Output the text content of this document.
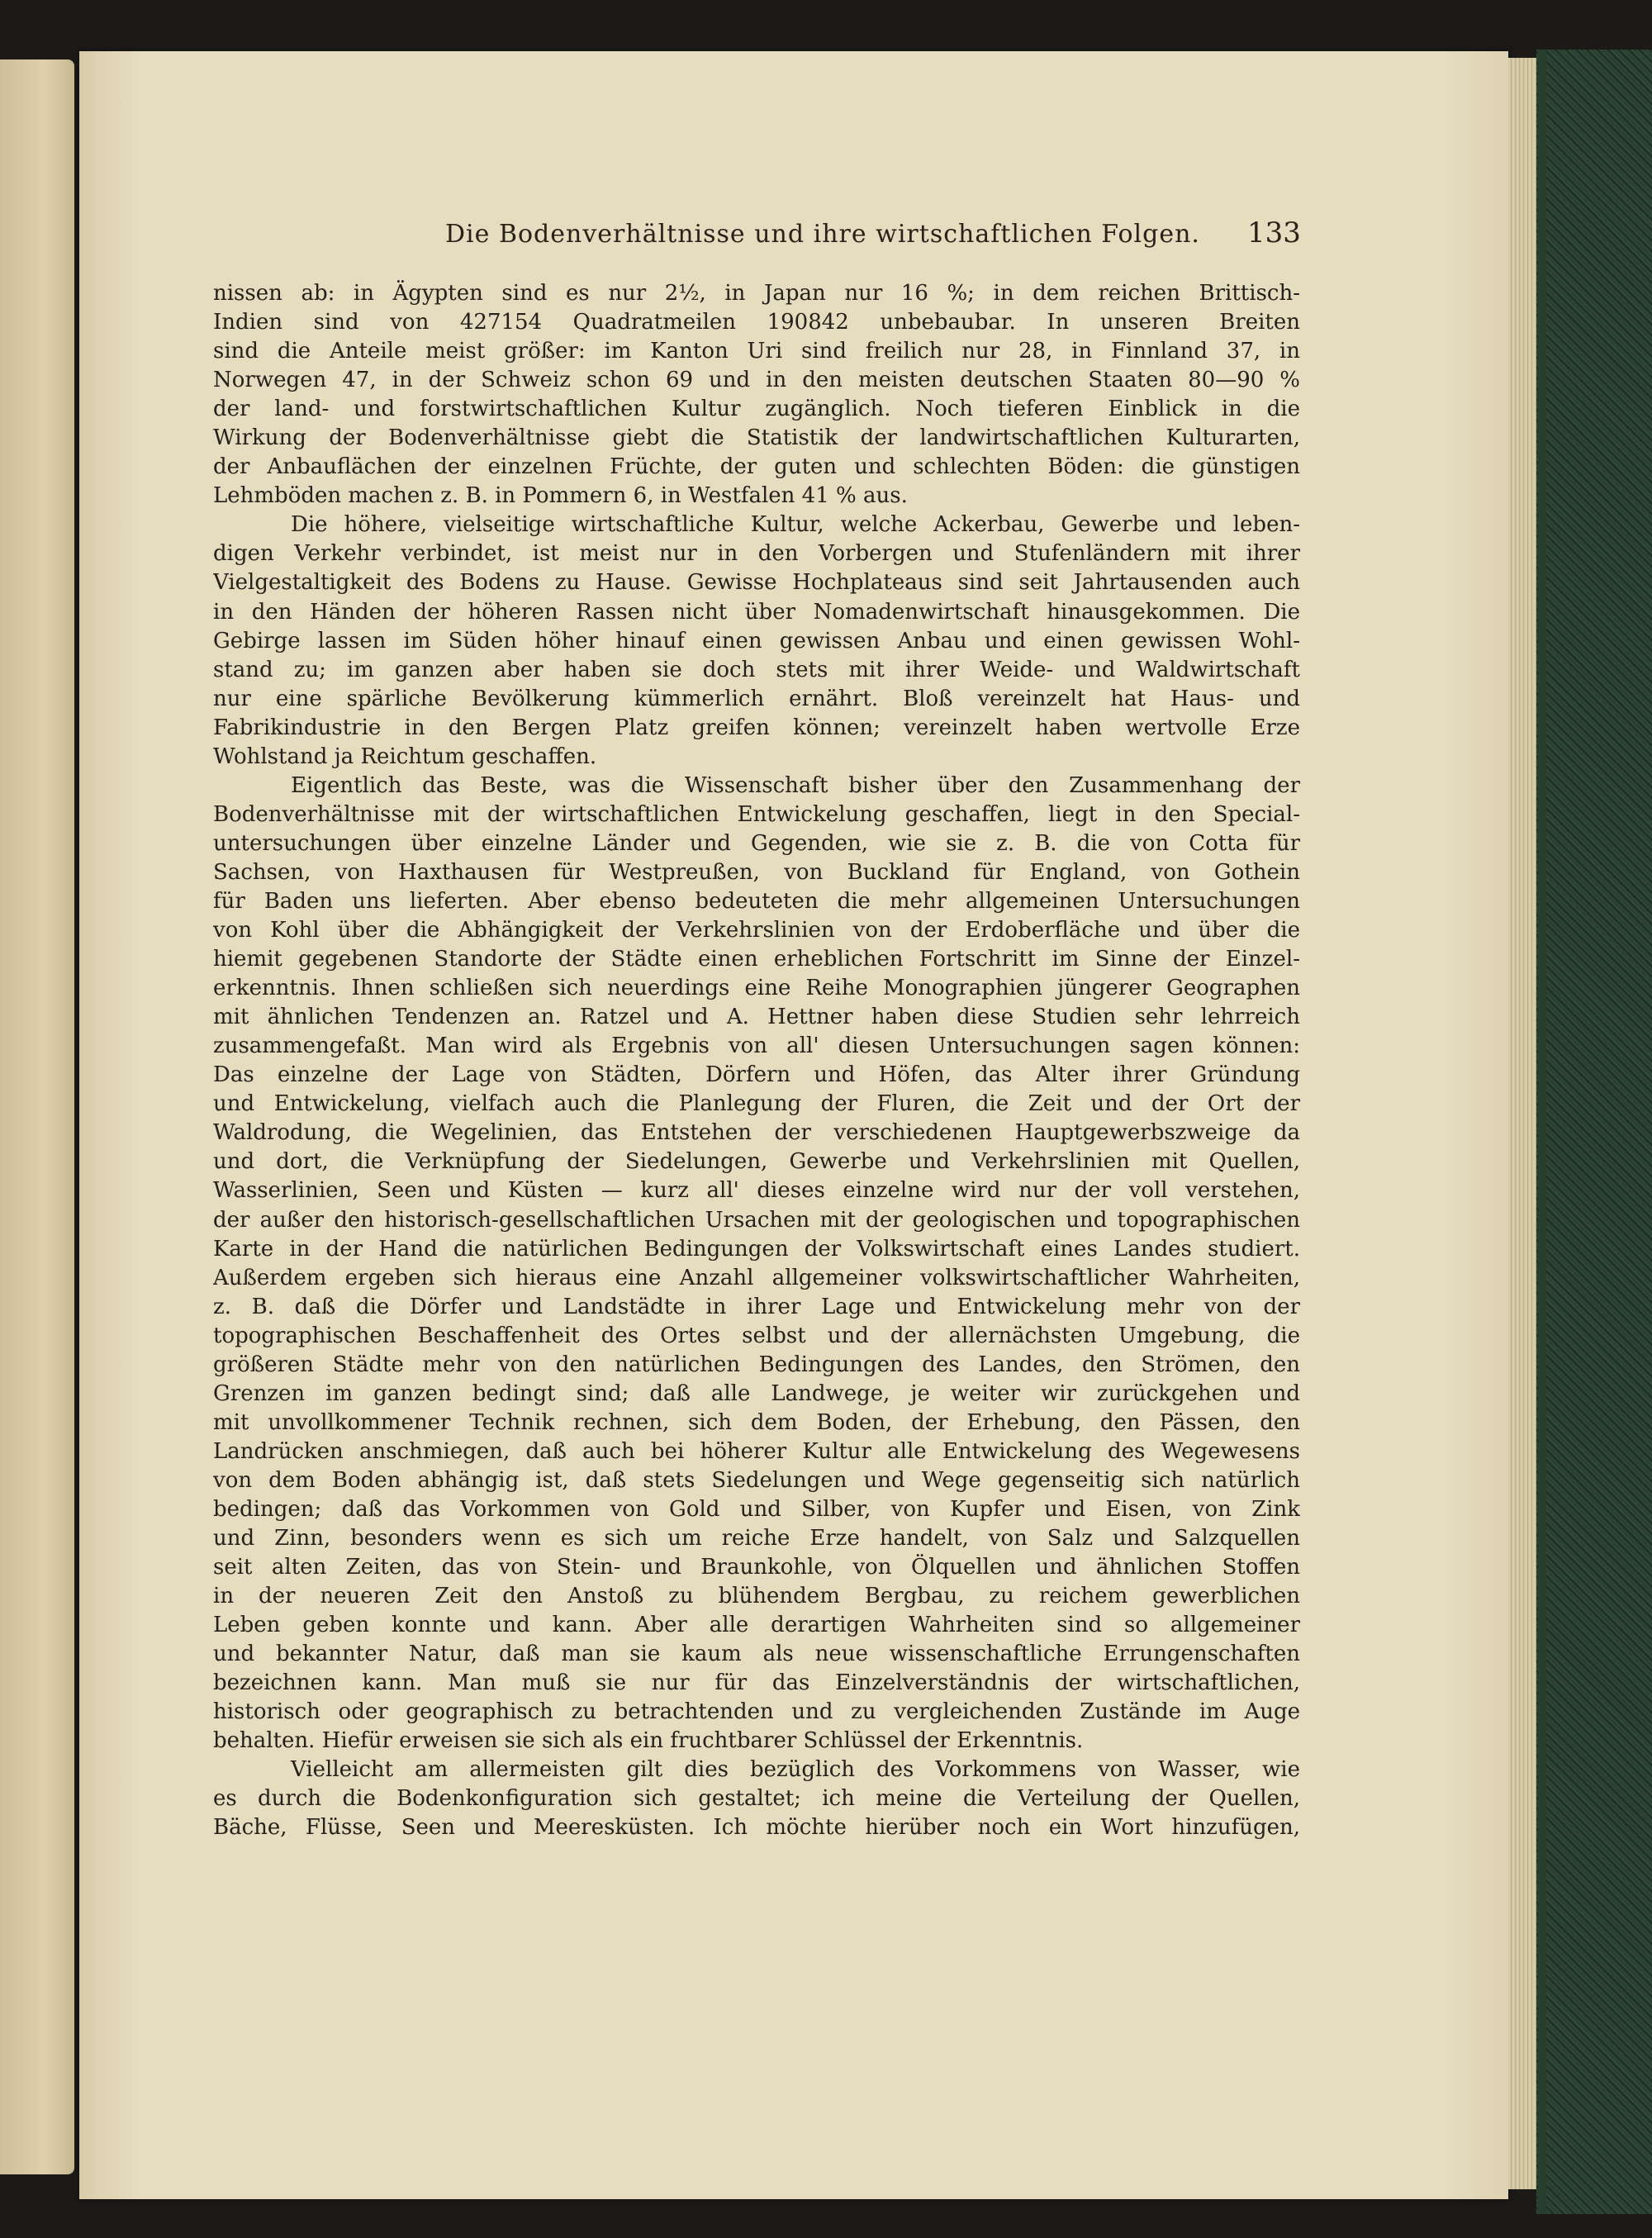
Die Bodenverhältnisse und ihre wirtschaftlichen Folgen.	133
nissen ab: in Ägypten sind es nur 2½, in Japan nur 16 %; in dem reichen Brittisch-
Indien sind von 427154 Quadratmeilen 190842 unbebaubar. In unseren Breiten
sind die Anteile meist größer: im Kanton Uri sind freilich nur 28, in Finnland 37, in
Norwegen 47, in der Schweiz schon 69 und in den meisten deutschen Staaten 80—90 %
der land- und forstwirtschaftlichen Kultur zugänglich. Noch tieferen Einblick in die
Wirkung der Bodenverhältnisse giebt die Statistik der landwirtschaftlichen Kulturarten,
der Anbauflächen der einzelnen Früchte, der guten und schlechten Böden: die günstigen
Lehmböden machen z. B. in Pommern 6, in Westfalen 41 % aus.
Die höhere, vielseitige wirtschaftliche Kultur, welche Ackerbau, Gewerbe und leben-
digen Verkehr verbindet, ist meist nur in den Vorbergen und Stufenländern mit ihrer
Vielgestaltigkeit des Bodens zu Hause. Gewisse Hochplateaus sind seit Jahrtausenden auch
in den Händen der höheren Rassen nicht über Nomadenwirtschaft hinausgekommen. Die
Gebirge lassen im Süden höher hinauf einen gewissen Anbau und einen gewissen Wohl-
stand zu; im ganzen aber haben sie doch stets mit ihrer Weide- und Waldwirtschaft
nur eine spärliche Bevölkerung kümmerlich ernährt. Bloß vereinzelt hat Haus- und
Fabrikindustrie in den Bergen Platz greifen können; vereinzelt haben wertvolle Erze
Wohlstand ja Reichtum geschaffen.
Eigentlich das Beste, was die Wissenschaft bisher über den Zusammenhang der
Bodenverhältnisse mit der wirtschaftlichen Entwickelung geschaffen, liegt in den Special-
untersuchungen über einzelne Länder und Gegenden, wie sie z. B. die von Cotta für
Sachsen, von Haxthausen für Westpreußen, von Buckland für England, von Gothein
für Baden uns lieferten. Aber ebenso bedeuteten die mehr allgemeinen Untersuchungen
von Kohl über die Abhängigkeit der Verkehrslinien von der Erdoberfläche und über die
hiemit gegebenen Standorte der Städte einen erheblichen Fortschritt im Sinne der Einzel-
erkenntnis. Ihnen schließen sich neuerdings eine Reihe Monographien jüngerer Geographen
mit ähnlichen Tendenzen an. Ratzel und A. Hettner haben diese Studien sehr lehrreich
zusammengefaßt. Man wird als Ergebnis von all' diesen Untersuchungen sagen können:
Das einzelne der Lage von Städten, Dörfern und Höfen, das Alter ihrer Gründung
und Entwickelung, vielfach auch die Planlegung der Fluren, die Zeit und der Ort der
Waldrodung, die Wegelinien, das Entstehen der verschiedenen Hauptgewerbszweige da
und dort, die Verknüpfung der Siedelungen, Gewerbe und Verkehrslinien mit Quellen,
Wasserlinien, Seen und Küsten — kurz all' dieses einzelne wird nur der voll verstehen,
der außer den historisch-gesellschaftlichen Ursachen mit der geologischen und topographischen
Karte in der Hand die natürlichen Bedingungen der Volkswirtschaft eines Landes studiert.
Außerdem ergeben sich hieraus eine Anzahl allgemeiner volkswirtschaftlicher Wahrheiten,
z. B. daß die Dörfer und Landstädte in ihrer Lage und Entwickelung mehr von der
topographischen Beschaffenheit des Ortes selbst und der allernächsten Umgebung, die
größeren Städte mehr von den natürlichen Bedingungen des Landes, den Strömen, den
Grenzen im ganzen bedingt sind; daß alle Landwege, je weiter wir zurückgehen und
mit unvollkommener Technik rechnen, sich dem Boden, der Erhebung, den Pässen, den
Landrücken anschmiegen, daß auch bei höherer Kultur alle Entwickelung des Wegewesens
von dem Boden abhängig ist, daß stets Siedelungen und Wege gegenseitig sich natürlich
bedingen; daß das Vorkommen von Gold und Silber, von Kupfer und Eisen, von Zink
und Zinn, besonders wenn es sich um reiche Erze handelt, von Salz und Salzquellen
seit alten Zeiten, das von Stein- und Braunkohle, von Ölquellen und ähnlichen Stoffen
in der neueren Zeit den Anstoß zu blühendem Bergbau, zu reichem gewerblichen
Leben geben konnte und kann. Aber alle derartigen Wahrheiten sind so allgemeiner
und bekannter Natur, daß man sie kaum als neue wissenschaftliche Errungenschaften
bezeichnen kann. Man muß sie nur für das Einzelverständnis der wirtschaftlichen,
historisch oder geographisch zu betrachtenden und zu vergleichenden Zustände im Auge
behalten. Hiefür erweisen sie sich als ein fruchtbarer Schlüssel der Erkenntnis.
Vielleicht am allermeisten gilt dies bezüglich des Vorkommens von Wasser, wie
es durch die Bodenkonfiguration sich gestaltet; ich meine die Verteilung der Quellen,
Bäche, Flüsse, Seen und Meeresküsten. Ich möchte hierüber noch ein Wort hinzufügen,
